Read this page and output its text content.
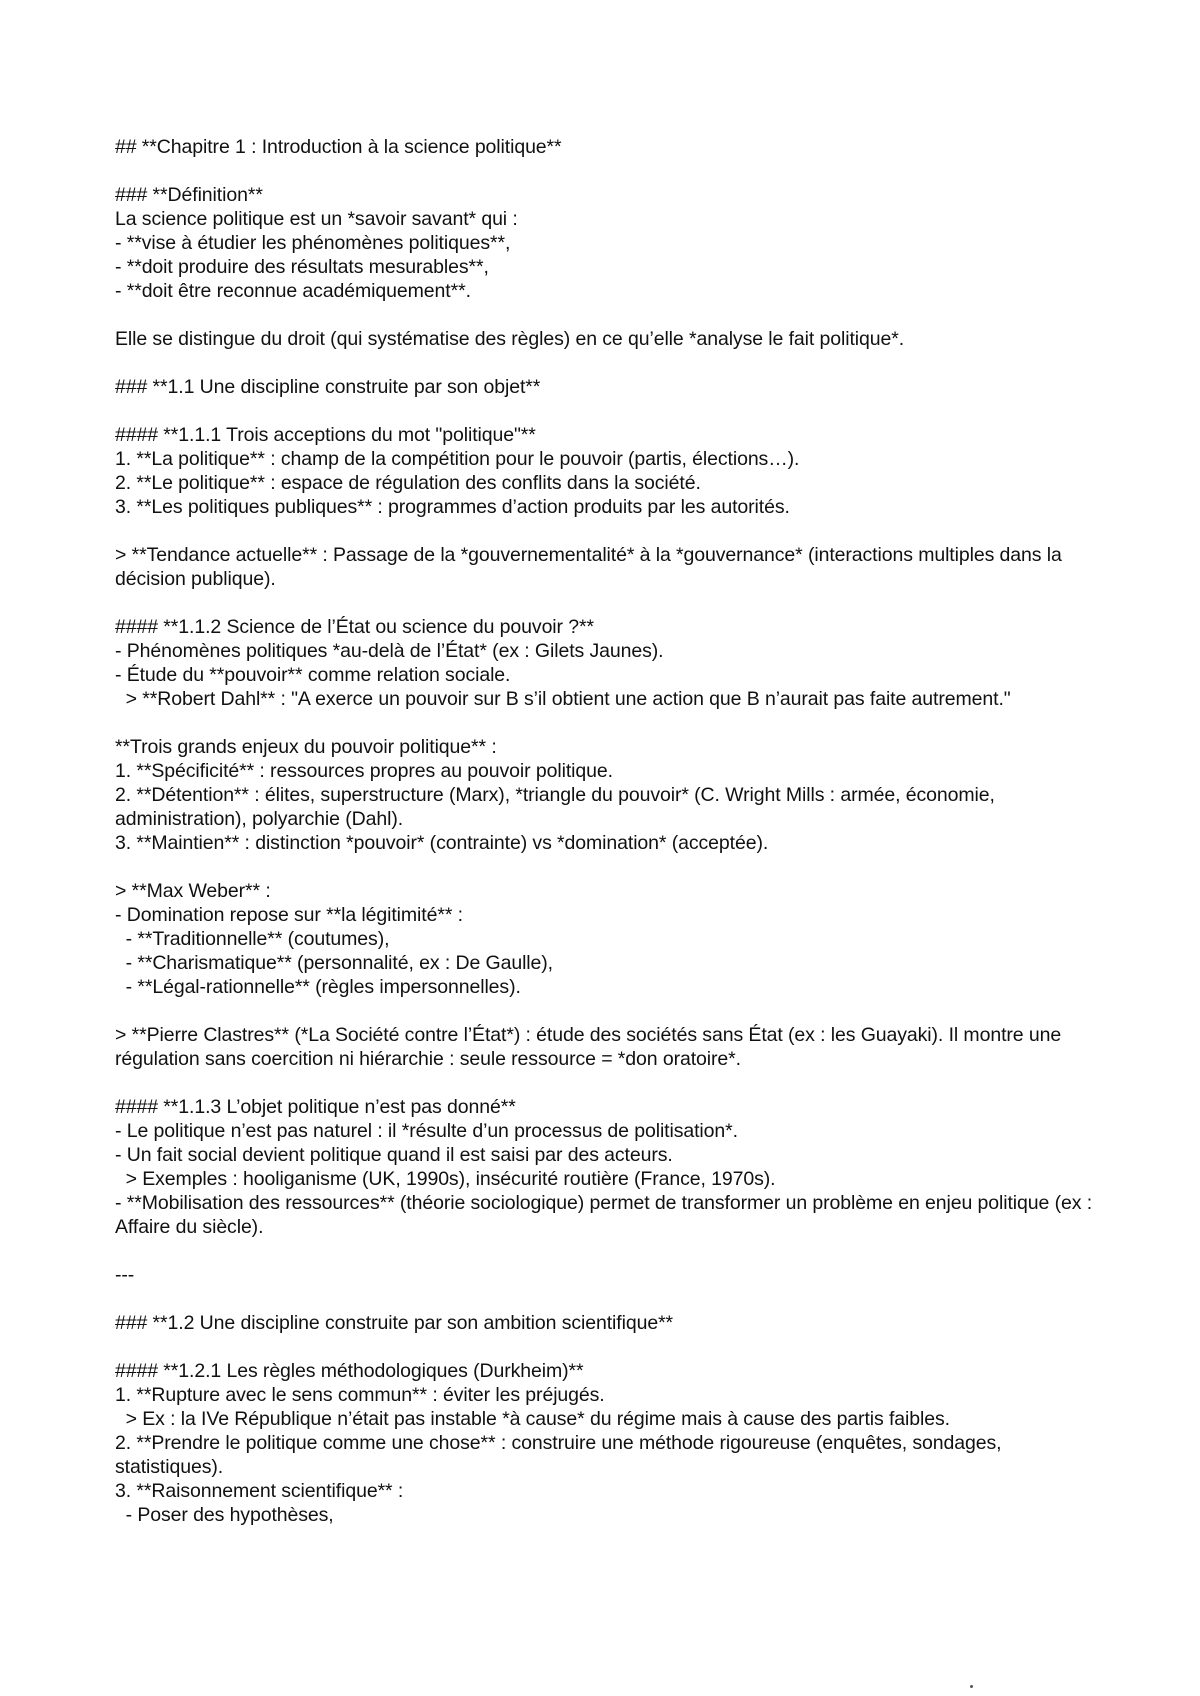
## **Chapitre 1 : Introduction à la science politique**
### **Définition**
La science politique est un *savoir savant* qui :
- **vise à étudier les phénomènes politiques**,
- **doit produire des résultats mesurables**,
- **doit être reconnue académiquement**.
Elle se distingue du droit (qui systématise des règles) en ce qu’elle *analyse le fait politique*.
### **1.1 Une discipline construite par son objet**
#### **1.1.1 Trois acceptions du mot "politique"**
1. **La politique** : champ de la compétition pour le pouvoir (partis, élections…).
2. **Le politique** : espace de régulation des conflits dans la société.
3. **Les politiques publiques** : programmes d’action produits par les autorités.
> **Tendance actuelle** : Passage de la *gouvernementalité* à la *gouvernance* (interactions multiples dans la décision publique).
#### **1.1.2 Science de l’État ou science du pouvoir ?**
- Phénomènes politiques *au-delà de l’État* (ex : Gilets Jaunes).
- Étude du **pouvoir** comme relation sociale.
> **Robert Dahl** : "A exerce un pouvoir sur B s’il obtient une action que B n’aurait pas faite autrement."
**Trois grands enjeux du pouvoir politique** :
1. **Spécificité** : ressources propres au pouvoir politique.
2. **Détention** : élites, superstructure (Marx), *triangle du pouvoir* (C. Wright Mills : armée, économie, administration), polyarchie (Dahl).
3. **Maintien** : distinction *pouvoir* (contrainte) vs *domination* (acceptée).
> **Max Weber** :
- Domination repose sur **la légitimité** :
- **Traditionnelle** (coutumes),
- **Charismatique** (personnalité, ex : De Gaulle),
- **Légal-rationnelle** (règles impersonnelles).
> **Pierre Clastres** (*La Société contre l’État*) : étude des sociétés sans État (ex : les Guayaki). Il montre une régulation sans coercition ni hiérarchie : seule ressource = *don oratoire*.
#### **1.1.3 L’objet politique n’est pas donné**
- Le politique n’est pas naturel : il *résulte d’un processus de politisation*.
- Un fait social devient politique quand il est saisi par des acteurs.
> Exemples : hooliganisme (UK, 1990s), insécurité routière (France, 1970s).
- **Mobilisation des ressources** (théorie sociologique) permet de transformer un problème en enjeu politique (ex : Affaire du siècle).
---
### **1.2 Une discipline construite par son ambition scientifique**
#### **1.2.1 Les règles méthodologiques (Durkheim)**
1. **Rupture avec le sens commun** : éviter les préjugés.
> Ex : la IVe République n’était pas instable *à cause* du régime mais à cause des partis faibles.
2. **Prendre le politique comme une chose** : construire une méthode rigoureuse (enquêtes, sondages, statistiques).
3. **Raisonnement scientifique** :
- Poser des hypothèses,
